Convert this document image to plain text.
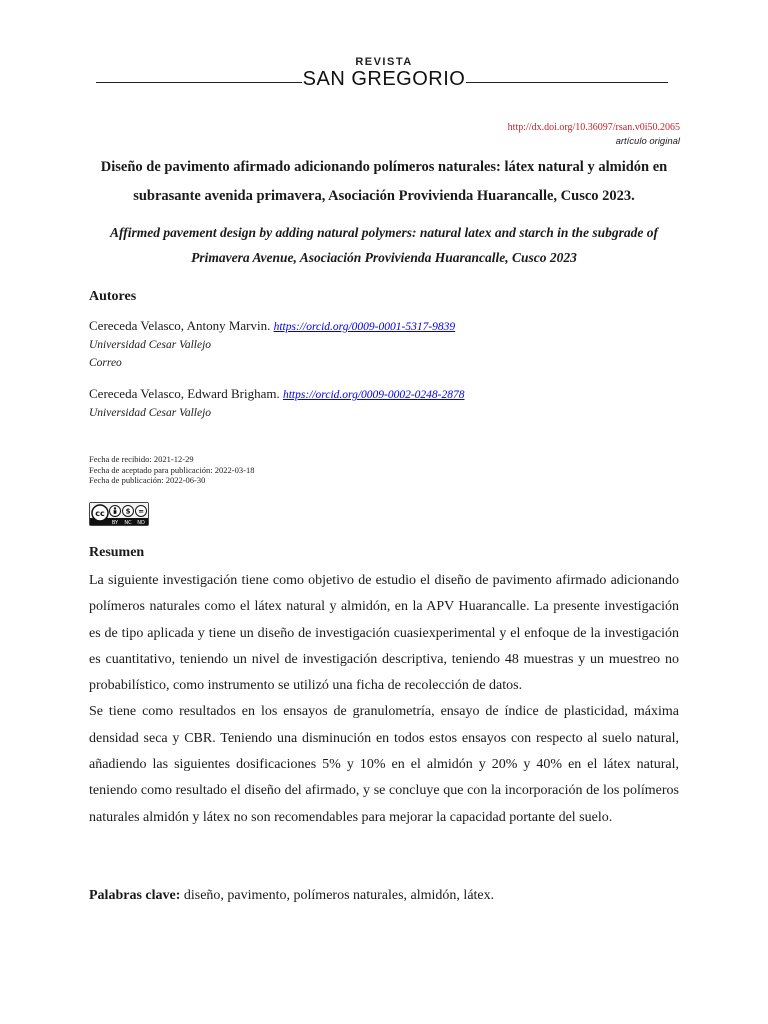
REVISTA
SAN GREGORIO
http://dx.doi.org/10.36097/rsan.v0i50.2065
artículo original
Diseño de pavimento afirmado adicionando polímeros naturales: látex natural y almidón en
subrasante avenida primavera, Asociación Provivienda Huarancalle, Cusco 2023.
Affirmed pavement design by adding natural polymers: natural latex and starch in the subgrade of
Primavera Avenue, Asociación Provivienda Huarancalle, Cusco 2023
Autores
Cereceda Velasco, Antony Marvin. https://orcid.org/0009-0001-5317-9839
Universidad Cesar Vallejo
Correo
Cereceda Velasco, Edward Brigham. https://orcid.org/0009-0002-0248-2878
Universidad Cesar Vallejo
Fecha de recibido: 2021-12-29
Fecha de aceptado para publicación: 2022-03-18
Fecha de publicación: 2022-06-30
cc	$ =
BY NC ND
Resumen

La siguiente investigación tiene como objetivo de estudio el diseño de pavimento afirmado adicionando polímeros naturales como el látex natural y almidón, en la APV Huarancalle. La presente investigación es de tipo aplicada y tiene un diseño de investigación cuasiexperimental y el enfoque de la investigación es cuantitativo, teniendo un nivel de investigación descriptiva, teniendo 48 muestras y un muestreo no probabilístico, como instrumento se utilizó una ficha de recolección de datos.

Se tiene como resultados en los ensayos de granulometría, ensayo de índice de plasticidad, máxima densidad seca y CBR. Teniendo una disminución en todos estos ensayos con respecto al suelo natural, añadiendo las siguientes dosificaciones 5% y 10% en el almidón y 20% y 40% en el látex natural, teniendo como resultado el diseño del afirmado, y se concluye que con la incorporación de los polímeros naturales almidón y látex no son recomendables para mejorar la capacidad portante del suelo.

Palabras clave: diseño, pavimento, polímeros naturales, almidón, látex.
